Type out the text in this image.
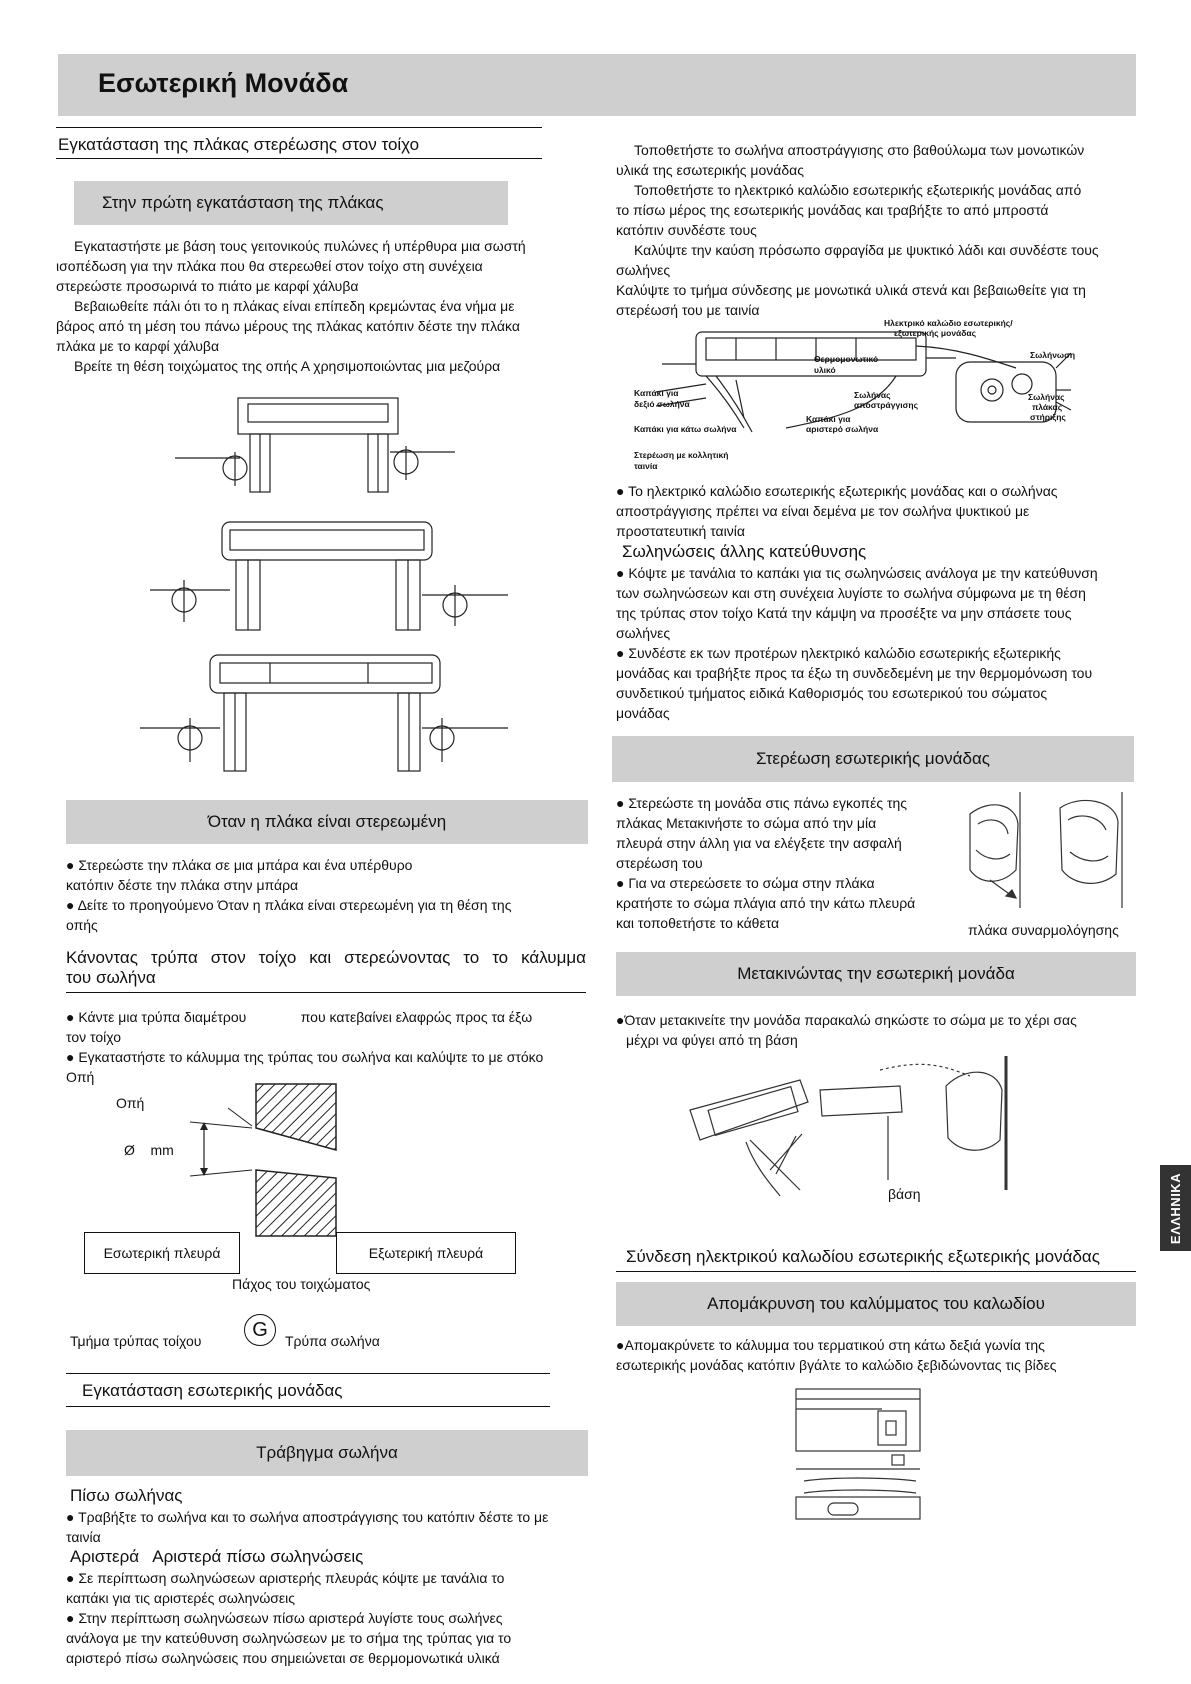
Εσωτερική Μονάδα
ΕΛΛΗΝΙΚΑ
Εγκατάσταση της πλάκας στερέωσης στον τοίχο
Στην πρώτη εγκατάσταση της πλάκας

Εγκαταστήστε με βάση τους γειτονικούς πυλώνες ή υπέρθυρα μια σωστή

ισοπέδωση για την πλάκα που θα στερεωθεί στον τοίχο στη συνέχεια

στερεώστε προσωρινά το πιάτο με καρφί χάλυβα

Βεβαιωθείτε πάλι ότι το η πλάκας είναι επίπεδη κρεμώντας ένα νήμα με

βάρος από τη μέση του πάνω μέρους της πλάκας κατόπιν δέστε την πλάκα

πλάκα με το καρφί χάλυβα

Βρείτε τη θέση τοιχώματος της οπής Α χρησιμοποιώντας μια μεζούρα

Όταν η πλάκα είναι στερεωμένη

● Στερεώστε την πλάκα σε μια μπάρα και ένα υπέρθυρο

κατόπιν δέστε την πλάκα στην μπάρα

● Δείτε το προηγούμενο Όταν η πλάκα είναι στερεωμένη για τη θέση της

οπής

Κάνοντας τρύπα στον τοίχο και στερεώνοντας το το κάλυμμα
του σωλήνα

● Κάντε μια τρύπα διαμέτρου              που κατεβαίνει ελαφρώς προς τα έξω

τον τοίχο

● Εγκαταστήστε το κάλυμμα της τρύπας του σωλήνα και καλύψτε το με στόκο

Οπή

Οπή
Ø    mm
Εσωτερική πλευρά	Εξωτερική πλευρά
Πάχος του τοιχώματος
Τμήμα τρύπας τοίχου
G
Τρύπα σωλήνα
Εγκατάσταση εσωτερικής μονάδας
Τράβηγμα σωλήνα
Πίσω σωλήνας

● Τραβήξτε το σωλήνα και το σωλήνα αποστράγγισης του κατόπιν δέστε το με

ταινία

Αριστερά   Αριστερά πίσω σωληνώσεις

● Σε περίπτωση σωληνώσεων αριστερής πλευράς κόψτε με τανάλια το

καπάκι για τις αριστερές σωληνώσεις

● Στην περίπτωση σωληνώσεων πίσω αριστερά λυγίστε τους σωλήνες

ανάλογα με την κατεύθυνση σωληνώσεων με το σήμα της τρύπας για το

αριστερό πίσω σωληνώσεις που σημειώνεται σε θερμομονωτικά υλικά

Τοποθετήστε το σωλήνα αποστράγγισης στο βαθούλωμα των μονωτικών

υλικά της εσωτερικής μονάδας

Τοποθετήστε το ηλεκτρικό καλώδιο εσωτερικής εξωτερικής μονάδας από

το πίσω μέρος της εσωτερικής μονάδας και τραβήξτε το από μπροστά

κατόπιν συνδέστε τους

Καλύψτε την καύση πρόσωπο σφραγίδα με ψυκτικό λάδι και συνδέστε τους

σωλήνες

Καλύψτε το τμήμα σύνδεσης με μονωτικά υλικά στενά και βεβαιωθείτε για τη

στερέωσή του με ταινία

Ηλεκτρικό καλώδιο εσωτερικής/
εξωτερικής μονάδας
Θερμομονωτικό
υλικό
Σωλήνωση
Καπάκι για
δεξιό σωλήνα
Καπάκι για κάτω σωλήνα
Σωλήνας
αποστράγγισης
Καπάκι για
αριστερό σωλήνα
Σωλήνας
πλάκας
στήριξης
Στερέωση με κολλητική
ταινία

● Το ηλεκτρικό καλώδιο εσωτερικής εξωτερικής μονάδας και ο σωλήνας

αποστράγγισης πρέπει να είναι δεμένα με τον σωλήνα ψυκτικού με

προστατευτική ταινία

Σωληνώσεις άλλης κατεύθυνσης

● Κόψτε με τανάλια το καπάκι για τις σωληνώσεις ανάλογα με την κατεύθυνση

των σωληνώσεων και στη συνέχεια λυγίστε το σωλήνα σύμφωνα με τη θέση

της τρύπας στον τοίχο Κατά την κάμψη να προσέξτε να μην σπάσετε τους

σωλήνες

● Συνδέστε εκ των προτέρων ηλεκτρικό καλώδιο εσωτερικής εξωτερικής

μονάδας και τραβήξτε προς τα έξω τη συνδεδεμένη με την θερμομόνωση του

συνδετικού τμήματος ειδικά Καθορισμός του εσωτερικού του σώματος

μονάδας

Στερέωση εσωτερικής μονάδας

● Στερεώστε τη μονάδα στις πάνω εγκοπές της

πλάκας Μετακινήστε το σώμα από την μία

πλευρά στην άλλη για να ελέγξετε την ασφαλή

στερέωση του

● Για να στερεώσετε το σώμα στην πλάκα

κρατήστε το σώμα πλάγια από την κάτω πλευρά

και τοποθετήστε το κάθετα	πλάκα συναρμολόγησης
Μετακινώντας την εσωτερική μονάδα

●Όταν μετακινείτε την μονάδα παρακαλώ σηκώστε το σώμα με το χέρι σας

μέχρι να φύγει από τη βάση

βάση
Σύνδεση ηλεκτρικού καλωδίου εσωτερικής εξωτερικής μονάδας
Απομάκρυνση του καλύμματος του καλωδίου

●Απομακρύνετε το κάλυμμα του τερματικού στη κάτω δεξιά γωνία της

εσωτερικής μονάδας κατόπιν βγάλτε το καλώδιο ξεβιδώνοντας τις βίδες
